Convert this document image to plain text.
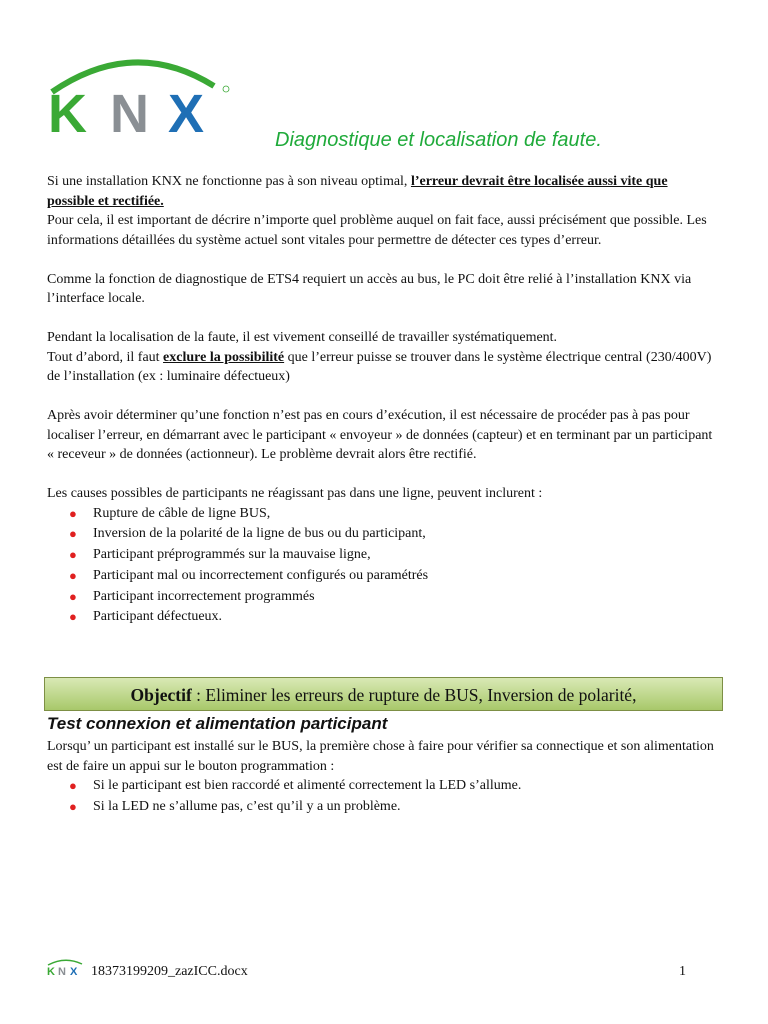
K N X	Diagnostique et localisation de faute.

Si une installation KNX ne fonctionne pas à son niveau optimal, l’erreur devrait être localisée aussi vite que possible et rectifiée.
Pour cela, il est important de décrire n’importe quel problème auquel on fait face, aussi précisément que possible. Les informations détaillées du système actuel sont vitales pour permettre de détecter ces types d’erreur.

Comme la fonction de diagnostique de ETS4 requiert un accès au bus, le PC doit être relié à l’installation KNX via l’interface locale.

Pendant la localisation de la faute, il est vivement conseillé de travailler systématiquement.
Tout d’abord, il faut exclure la possibilité que l’erreur puisse se trouver dans le système électrique central (230/400V) de l’installation (ex : luminaire défectueux)

Après avoir déterminer qu’une fonction n’est pas en cours d’exécution, il est nécessaire de procéder pas à pas pour localiser l’erreur, en démarrant avec le participant « envoyeur » de données (capteur) et en terminant par un participant « receveur » de données (actionneur). Le problème devrait alors être rectifié.

Les causes possibles de participants ne réagissant pas dans une ligne, peuvent inclurent :

● Rupture de câble de ligne BUS,
● Inversion de la polarité de la ligne de bus ou du participant,
● Participant préprogrammés sur la mauvaise ligne,
● Participant mal ou incorrectement configurés ou paramétrés
● Participant incorrectement programmés
● Participant défectueux.
Objectif : Eliminer les erreurs de rupture de BUS, Inversion de polarité,
Test connexion et alimentation participant

Lorsqu’ un participant est installé sur le BUS, la première chose à faire pour vérifier sa connectique et son alimentation est de faire un appui sur le bouton programmation :

● Si le participant est bien raccordé et alimenté correctement la LED s’allume.
● Si la LED ne s’allume pas, c’est qu’il y a un problème.
K N X 18373199209_zazICC.docx	1
